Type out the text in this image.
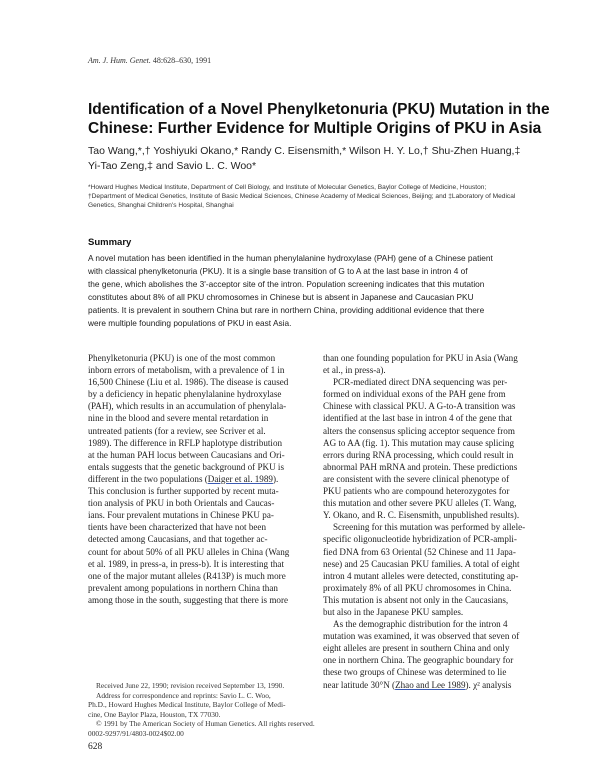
Am. J. Hum. Genet. 48:628–630, 1991
Identification of a Novel Phenylketonuria (PKU) Mutation in the
Chinese: Further Evidence for Multiple Origins of PKU in Asia
Tao Wang,*,† Yoshiyuki Okano,* Randy C. Eisensmith,* Wilson H. Y. Lo,† Shu-Zhen Huang,‡
Yi-Tao Zeng,‡ and Savio L. C. Woo*
*Howard Hughes Medical Institute, Department of Cell Biology, and Institute of Molecular Genetics, Baylor College of Medicine, Houston;
†Department of Medical Genetics, Institute of Basic Medical Sciences, Chinese Academy of Medical Sciences, Beijing; and ‡Laboratory of Medical
Genetics, Shanghai Children's Hospital, Shanghai
Summary
A novel mutation has been identified in the human phenylalanine hydroxylase (PAH) gene of a Chinese patient
with classical phenylketonuria (PKU). It is a single base transition of G to A at the last base in intron 4 of
the gene, which abolishes the 3'-acceptor site of the intron. Population screening indicates that this mutation
constitutes about 8% of all PKU chromosomes in Chinese but is absent in Japanese and Caucasian PKU
patients. It is prevalent in southern China but rare in northern China, providing additional evidence that there
were multiple founding populations of PKU in east Asia.
Phenylketonuria (PKU) is one of the most common
inborn errors of metabolism, with a prevalence of 1 in
16,500 Chinese (Liu et al. 1986). The disease is caused
by a deficiency in hepatic phenylalanine hydroxylase
(PAH), which results in an accumulation of phenylala-
nine in the blood and severe mental retardation in
untreated patients (for a review, see Scriver et al.
1989). The difference in RFLP haplotype distribution
at the human PAH locus between Caucasians and Ori-
entals suggests that the genetic background of PKU is
different in the two populations (Daiger et al. 1989).
This conclusion is further supported by recent muta-
tion analysis of PKU in both Orientals and Caucas-
ians. Four prevalent mutations in Chinese PKU pa-
tients have been characterized that have not been
detected among Caucasians, and that together ac-
count for about 50% of all PKU alleles in China (Wang
et al. 1989, in press-a, in press-b). It is interesting that
one of the major mutant alleles (R413P) is much more
prevalent among populations in northern China than
among those in the south, suggesting that there is more
than one founding population for PKU in Asia (Wang
et al., in press-a).
PCR-mediated direct DNA sequencing was per-
formed on individual exons of the PAH gene from
Chinese with classical PKU. A G-to-A transition was
identified at the last base in intron 4 of the gene that
alters the consensus splicing acceptor sequence from
AG to AA (fig. 1). This mutation may cause splicing
errors during RNA processing, which could result in
abnormal PAH mRNA and protein. These predictions
are consistent with the severe clinical phenotype of
PKU patients who are compound heterozygotes for
this mutation and other severe PKU alleles (T. Wang,
Y. Okano, and R. C. Eisensmith, unpublished results).
Screening for this mutation was performed by allele-
specific oligonucleotide hybridization of PCR-ampli-
fied DNA from 63 Oriental (52 Chinese and 11 Japa-
nese) and 25 Caucasian PKU families. A total of eight
intron 4 mutant alleles were detected, constituting ap-
proximately 8% of all PKU chromosomes in China.
This mutation is absent not only in the Caucasians,
but also in the Japanese PKU samples.
As the demographic distribution for the intron 4
mutation was examined, it was observed that seven of
eight alleles are present in southern China and only
one in northern China. The geographic boundary for
these two groups of Chinese was determined to lie
near latitude 30°N (Zhao and Lee 1989). χ² analysis
Received June 22, 1990; revision received September 13, 1990.
Address for correspondence and reprints: Savio L. C. Woo,
Ph.D., Howard Hughes Medical Institute, Baylor College of Medi-
cine, One Baylor Plaza, Houston, TX 77030.
© 1991 by The American Society of Human Genetics. All rights reserved.
0002-9297/91/4803-0024$02.00
628
